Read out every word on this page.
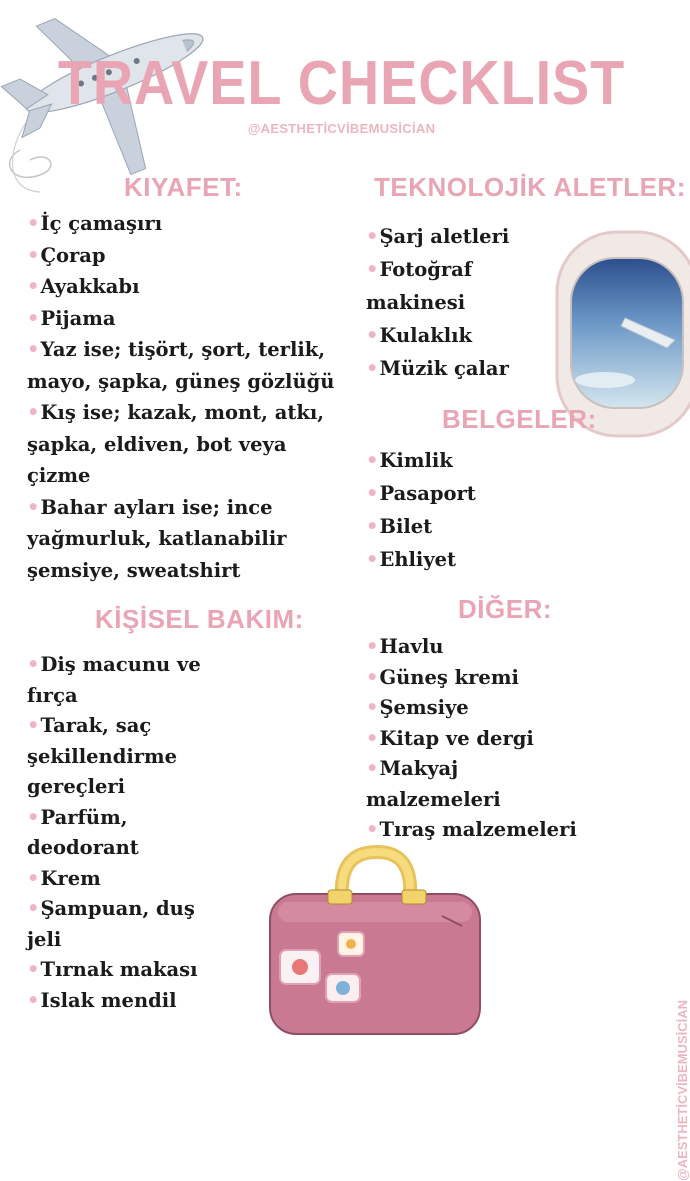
TRAVEL CHECKLIST
@AESTHETİCVİBEMUSİCİAN
KIYAFET:
• İç çamaşırı
• Çorap
• Ayakkabı
• Pijama
• Yaz ise; tişört, şort, terlik, mayo, şapka, güneş gözlüğü
• Kış ise; kazak, mont, atkı, şapka, eldiven, bot veya çizme
• Bahar ayları ise; ince yağmurluk, katlanabilir şemsiye, sweatshirt
KİŞİSEL BAKIM:
• Diş macunu ve fırça
• Tarak, saç şekillendirme gereçleri
• Parfüm, deodorant
• Krem
• Şampuan, duş jeli
• Tırnak makası
• Islak mendil
TEKNOLOJİK ALETLER:
• Şarj aletleri
• Fotoğraf makinesi
• Kulaklık
• Müzik çalar
BELGELER:
• Kimlik
• Pasaport
• Bilet
• Ehliyet
DİĞER:
• Havlu
• Güneş kremi
• Şemsiye
• Kitap ve dergi
• Makyaj malzemeleri
• Tıraş malzemeleri
@AESTHETİCVİBEMUSİCİAN
